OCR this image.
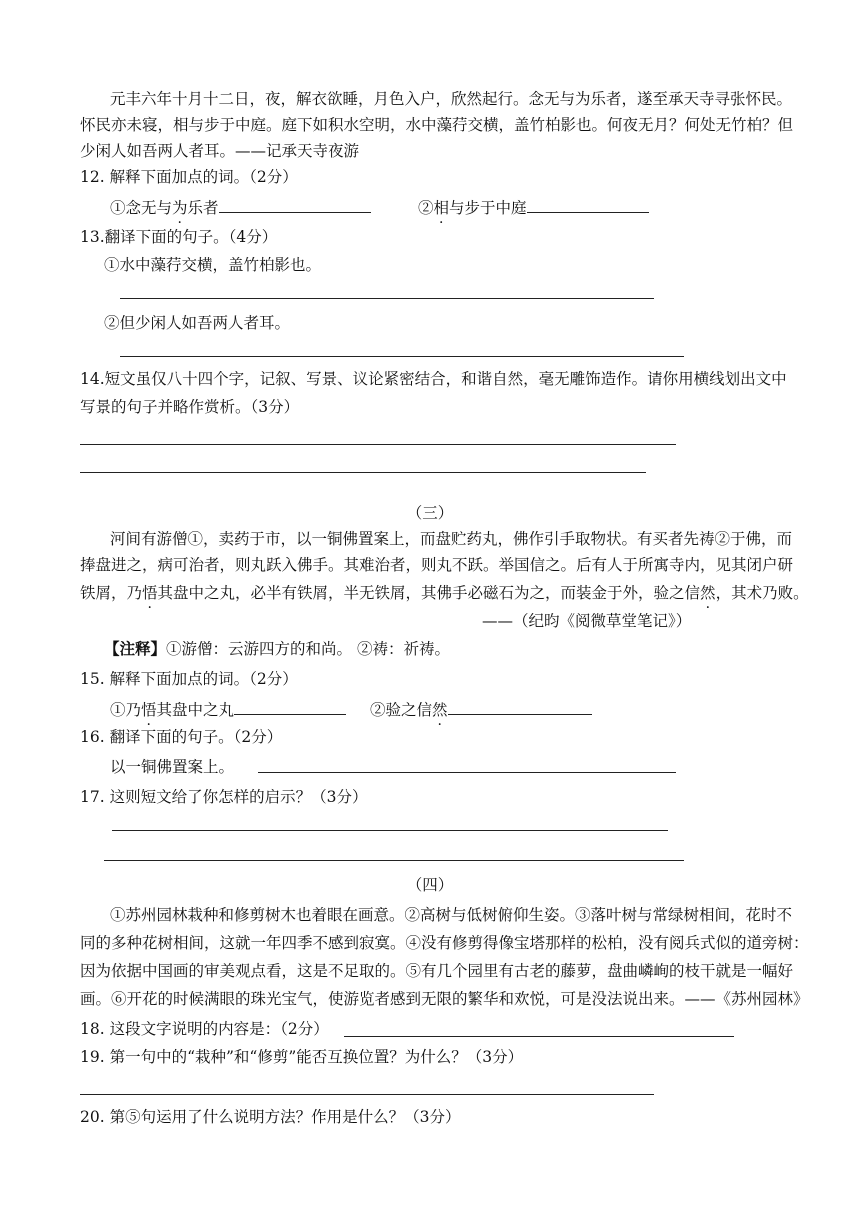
元丰六年十月十二日，夜，解衣欲睡，月色入户，欣然起行。念无与为乐者，遂至承天寺寻张怀民。
怀民亦未寝，相与步于中庭。庭下如积水空明，水中藻荇交横，盖竹柏影也。何夜无月？何处无竹柏？但
少闲人如吾两人者耳。——记承天寺夜游
12. 解释下面加点的词。（2分）
①念无与为乐者	②相与步于中庭
13.翻译下面的句子。（4分）
①水中藻荇交横，盖竹柏影也。
②但少闲人如吾两人者耳。
14.短文虽仅八十四个字，记叙、写景、议论紧密结合，和谐自然，毫无雕饰造作。请你用横线划出文中
写景的句子并略作赏析。（3分）
（三）
河间有游僧①，卖药于市，以一铜佛置案上，而盘贮药丸，佛作引手取物状。有买者先祷②于佛，而
捧盘进之，病可治者，则丸跃入佛手。其难治者，则丸不跃。举国信之。后有人于所寓寺内，见其闭户研
铁屑，乃悟其盘中之丸，必半有铁屑，半无铁屑，其佛手必磁石为之，而装金于外，验之信然，其术乃败。
——（纪昀《阅微草堂笔记》）
【注释】①游僧：云游四方的和尚。 ②祷：祈祷。
15. 解释下面加点的词。（2分）
①乃悟其盘中之丸	②验之信然
16. 翻译下面的句子。（2分）
以一铜佛置案上。
17. 这则短文给了你怎样的启示？（3分）
（四）
①苏州园林栽种和修剪树木也着眼在画意。②高树与低树俯仰生姿。③落叶树与常绿树相间，花时不
同的多种花树相间，这就一年四季不感到寂寞。④没有修剪得像宝塔那样的松柏，没有阅兵式似的道旁树：
因为依据中国画的审美观点看，这是不足取的。⑤有几个园里有古老的藤萝，盘曲嶙峋的枝干就是一幅好
画。⑥开花的时候满眼的珠光宝气，使游览者感到无限的繁华和欢悦，可是没法说出来。——《苏州园林》
18. 这段文字说明的内容是：（2分）
19. 第一句中的“栽种”和“修剪”能否互换位置？为什么？（3分）
20. 第⑤句运用了什么说明方法？作用是什么？（3分）
